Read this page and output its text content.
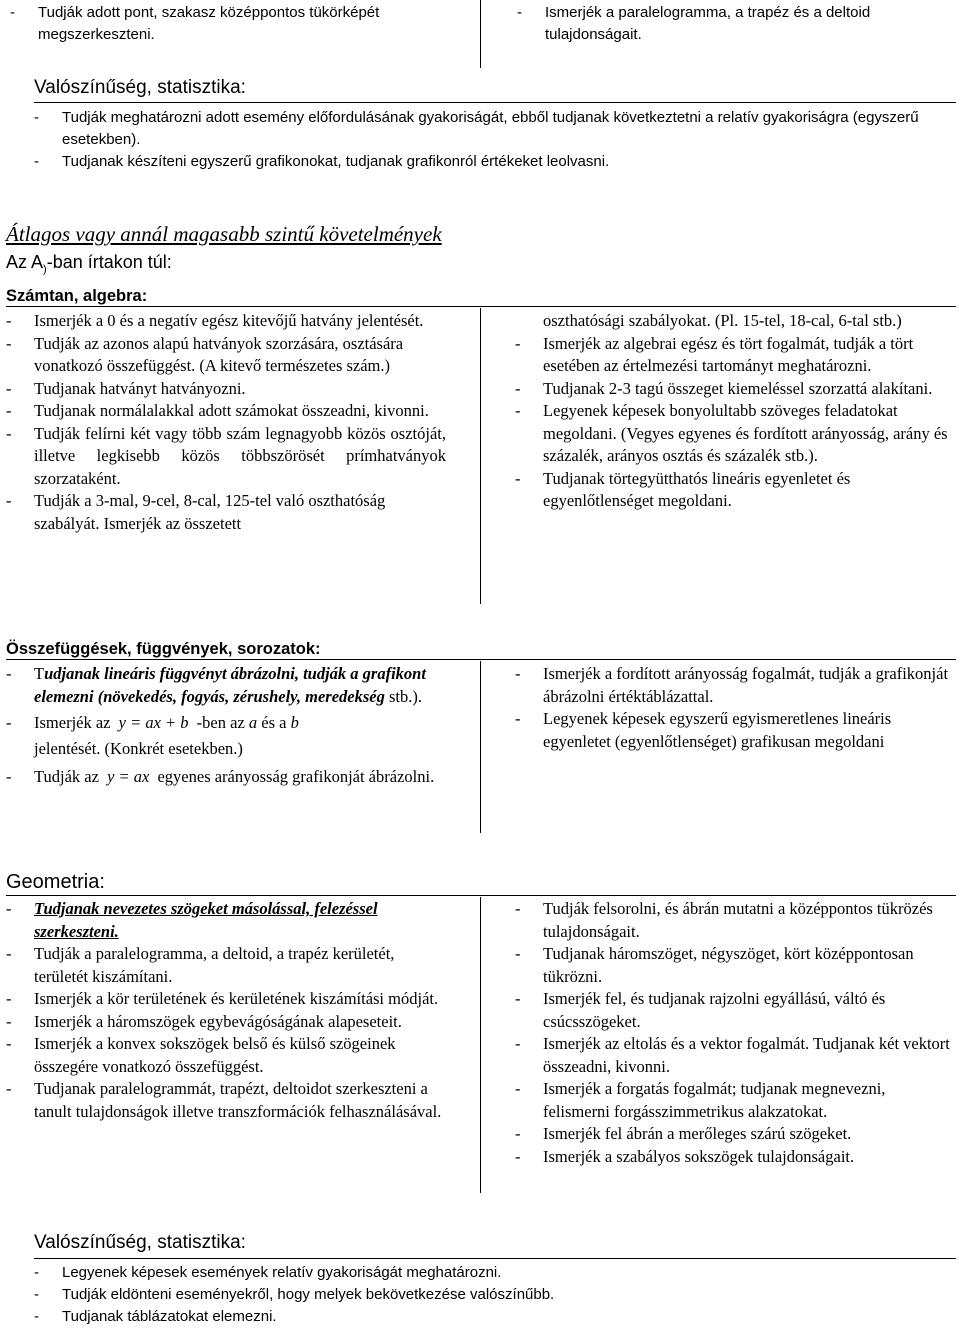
- Tudják adott pont, szakasz középpontos tükörképét megszerkeszteni.
- Ismerjék a paralelogramma, a trapéz és a deltoid tulajdonságait.
Valószínűség, statisztika:
- Tudják meghatározni adott esemény előfordulásának gyakoriságát, ebből tudjanak következtetni a relatív gyakoriságra (egyszerű esetekben).
- Tudjanak készíteni egyszerű grafikonokat, tudjanak grafikonról értékeket leolvasni.
Átlagos vagy annál magasabb szintű követelmények
Az $A_)$-ban írtakon túl:
Számtan, algebra:
- Ismerjék a 0 és a negatív egész kitevőjű hatvány jelentését.
- Tudják az azonos alapú hatványok szorzására, osztására vonatkozó összefüggést. (A kitevő természetes szám.)
- Tudjanak hatványt hatványozni.
- Tudjanak normálalakkal adott számokat összeadni, kivonni.
- Tudják felírni két vagy több szám legnagyobb közös osztóját, illetve legkisebb közös többszörösét prímhatványok szorzataként.
- Tudják a 3-mal, 9-cel, 8-cal, 125-tel való oszthatóság szabályát. Ismerjék az összetett
oszthatósági szabályokat. (Pl. 15-tel, 18-cal, 6-tal stb.)
- Ismerjék az algebrai egész és tört fogalmát, tudják a tört esetében az értelmezési tartományt meghatározni.
- Tudjanak 2-3 tagú összeget kiemeléssel szorzattá alakítani.
- Legyenek képesek bonyolultabb szöveges feladatokat megoldani. (Vegyes egyenes és fordított arányosság, arány és százalék, arányos osztás és százalék stb.).
- Tudjanak törtegyütthatós lineáris egyenletet és egyenlőtlenséget megoldani.
Összefüggések, függvények, sorozatok:
- Tudjanak lineáris függvényt ábrázolni, tudják a grafikont elemezni (növekedés, fogyás, zérushely, meredekség stb.).
- Ismerjék az y = ax + b -ben az a és a b
jelentését. (Konkrét esetekben.)
- Tudják az y = ax egyenes arányosság grafikonját ábrázolni.
- Ismerjék a fordított arányosság fogalmát, tudják a grafikonját ábrázolni értéktáblázattal.
- Legyenek képesek egyszerű egyismeretlenes lineáris egyenletet (egyenlőtlenséget) grafikusan megoldani
Geometria:
- Tudjanak nevezetes szögeket másolással, felezéssel szerkeszteni.
- Tudják a paralelogramma, a deltoid, a trapéz kerületét, területét kiszámítani.
- Ismerjék a kör területének és kerületének kiszámítási módját.
- Ismerjék a háromszögek egybevágóságának alapeseteit.
- Ismerjék a konvex sokszögek belső és külső szögeinek összegére vonatkozó összefüggést.
- Tudjanak paralelogrammát, trapézt, deltoidot szerkeszteni a tanult tulajdonságok illetve transzformációk felhasználásával.
- Tudják felsorolni, és ábrán mutatni a középpontos tükrözés tulajdonságait.
- Tudjanak háromszöget, négyszöget, kört középpontosan tükrözni.
- Ismerjék fel, és tudjanak rajzolni egyállású, váltó és csúcsszögeket.
- Ismerjék az eltolás és a vektor fogalmát. Tudjanak két vektort összeadni, kivonni.
- Ismerjék a forgatás fogalmát; tudjanak megnevezni, felismerni forgásszimmetrikus alakzatokat.
- Ismerjék fel ábrán a merőleges szárú szögeket.
- Ismerjék a szabályos sokszögek tulajdonságait.
Valószínűség, statisztika:
- Legyenek képesek események relatív gyakoriságát meghatározni.
- Tudják eldönteni eseményekről, hogy melyek bekövetkezése valószínűbb.
- Tudjanak táblázatokat elemezni.
